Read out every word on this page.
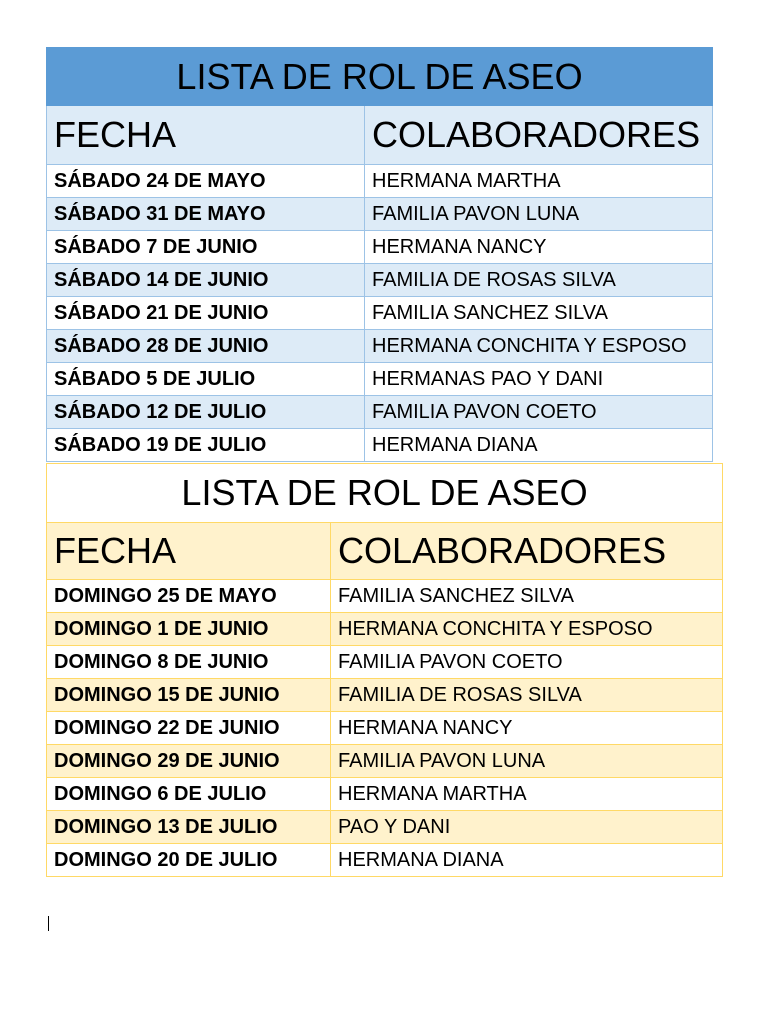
LISTA DE ROL DE ASEO	
FECHA	COLABORADORES
SÁBADO 24 DE MAYO	HERMANA MARTHA
SÁBADO 31 DE MAYO	FAMILIA PAVON LUNA
SÁBADO 7 DE JUNIO	HERMANA NANCY
SÁBADO 14 DE JUNIO	FAMILIA DE ROSAS SILVA
SÁBADO 21 DE JUNIO	FAMILIA SANCHEZ SILVA
SÁBADO 28 DE JUNIO	HERMANA CONCHITA Y ESPOSO
SÁBADO 5 DE JULIO	HERMANAS PAO Y DANI
SÁBADO 12 DE JULIO	FAMILIA PAVON COETO
SÁBADO 19 DE JULIO	HERMANA DIANA
LISTA DE ROL DE ASEO	
FECHA	COLABORADORES
DOMINGO 25 DE MAYO	FAMILIA SANCHEZ SILVA
DOMINGO 1 DE JUNIO	HERMANA CONCHITA Y ESPOSO
DOMINGO 8 DE JUNIO	FAMILIA PAVON COETO
DOMINGO 15 DE JUNIO	FAMILIA DE ROSAS SILVA
DOMINGO 22 DE JUNIO	HERMANA NANCY
DOMINGO 29 DE JUNIO	FAMILIA PAVON LUNA
DOMINGO 6 DE JULIO	HERMANA MARTHA
DOMINGO 13 DE JULIO	PAO Y DANI
DOMINGO 20 DE JULIO	HERMANA DIANA
